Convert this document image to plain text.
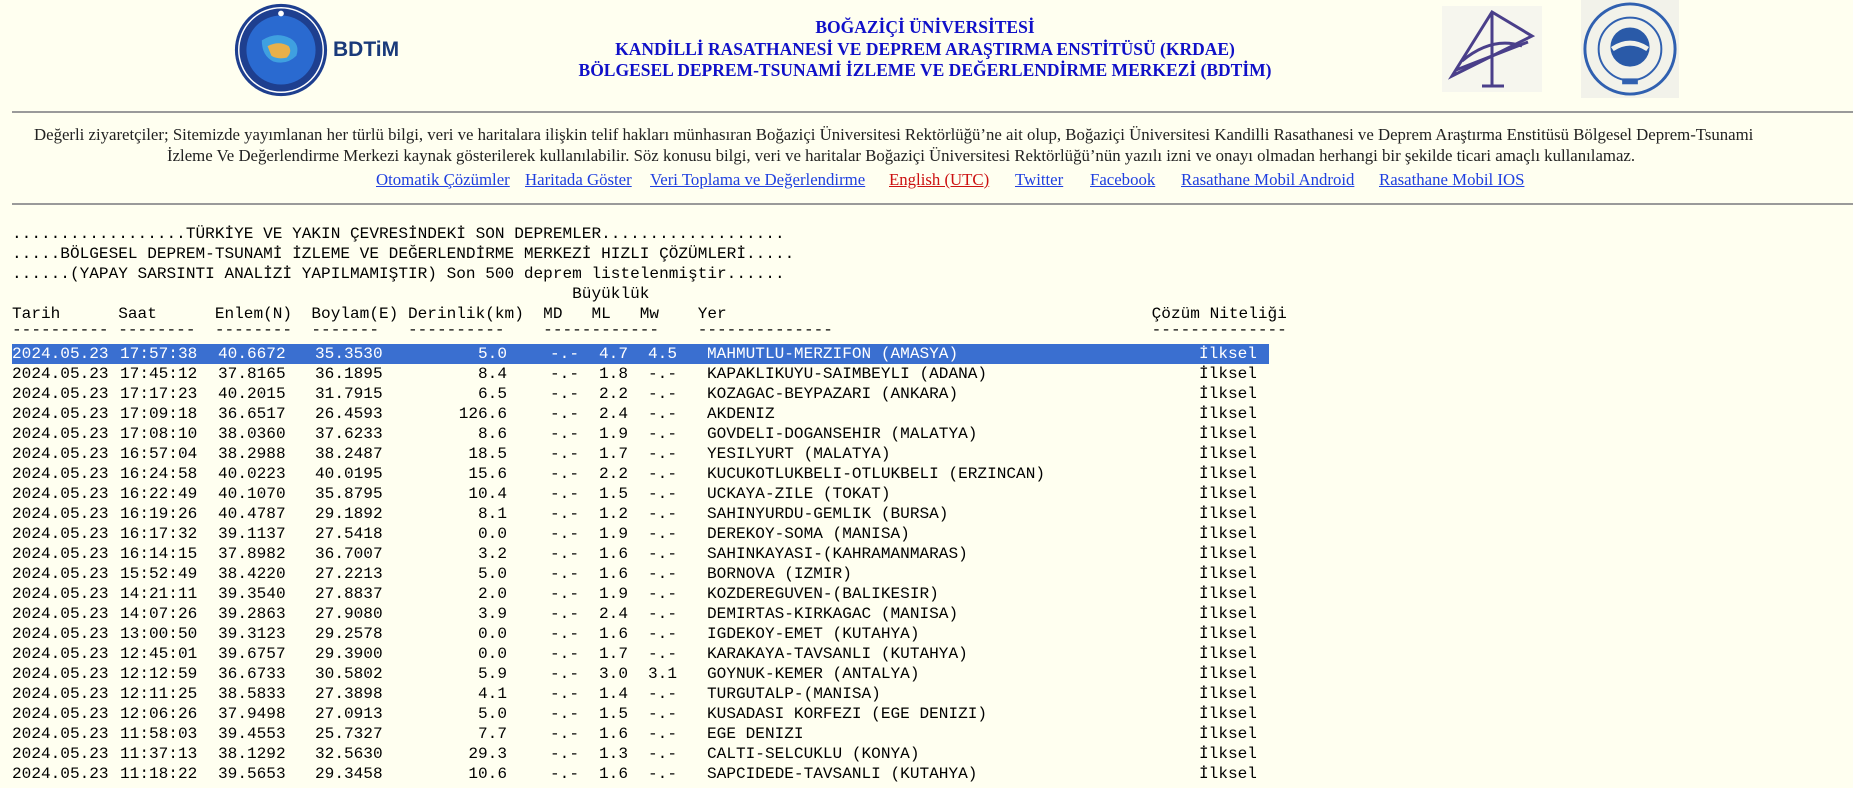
BDTiM
BOĞAZİÇİ ÜNİVERSİTESİ
KANDİLLİ RASATHANESİ VE DEPREM ARAŞTIRMA ENSTİTÜSÜ (KRDAE)
BÖLGESEL DEPREM-TSUNAMİ İZLEME VE DEĞERLENDİRME MERKEZİ (BDTİM)
Değerli ziyaretçiler; Sitemizde yayımlanan her türlü bilgi, veri ve haritalara ilişkin telif hakları münhasıran Boğaziçi Üniversitesi Rektörlüğü’ne ait olup, Boğaziçi Üniversitesi Kandilli Rasathanesi ve Deprem Araştırma Enstitüsü Bölgesel Deprem-Tsunami
İzleme Ve Değerlendirme Merkezi kaynak gösterilerek kullanılabilir. Söz konusu bilgi, veri ve haritalar Boğaziçi Üniversitesi Rektörlüğü’nün yazılı izni ve onayı olmadan herhangi bir şekilde ticari amaçlı kullanılamaz.
Otomatik Çözümler Haritada Göster Veri Toplama ve Değerlendirme English (UTC) Twitter Facebook Rasathane Mobil Android Rasathane Mobil IOS
..................TÜRKİYE VE YAKIN ÇEVRESİNDEKİ SON DEPREMLER...................
.....BÖLGESEL DEPREM-TSUNAMİ İZLEME VE DEĞERLENDİRME MERKEZİ HIZLI ÇÖZÜMLERİ.....
......(YAPAY SARSINTI ANALİZİ YAPILMAMIŞTIR) Son 500 deprem listelenmiştir......
Büyüklük
Tarih      Saat      Enlem(N)  Boylam(E) Derinlik(km)  MD   ML   Mw    Yer                                            Çözüm Niteliği
---------- --------  --------  -------   ----------    ------------    --------------                                 --------------
2024.05.23 17:57:38 40.6672 35.3530	5.0	-.- 4.7 4.5 MAHMUTLU-MERZIFON (AMASYA)	İlksel
2024.05.23 17:45:12 37.8165 36.1895	8.4	-.- 1.8 -.- KAPAKLIKUYU-SAIMBEYLI (ADANA)	İlksel
2024.05.23 17:17:23 40.2015 31.7915	6.5	-.- 2.2 -.- KOZAGAC-BEYPAZARI (ANKARA)	İlksel
2024.05.23 17:09:18 36.6517 26.4593	126.6	-.- 2.4 -.- AKDENIZ	İlksel
2024.05.23 17:08:10 38.0360 37.6233	8.6	-.- 1.9 -.- GOVDELI-DOGANSEHIR (MALATYA)	İlksel
2024.05.23 16:57:04 38.2988 38.2487	18.5	-.- 1.7 -.- YESILYURT (MALATYA)	İlksel
2024.05.23 16:24:58 40.0223 40.0195	15.6	-.- 2.2 -.- KUCUKOTLUKBELI-OTLUKBELI (ERZINCAN)	İlksel
2024.05.23 16:22:49 40.1070 35.8795	10.4	-.- 1.5 -.- UCKAYA-ZILE (TOKAT)	İlksel
2024.05.23 16:19:26 40.4787 29.1892	8.1	-.- 1.2 -.- SAHINYURDU-GEMLIK (BURSA)	İlksel
2024.05.23 16:17:32 39.1137 27.5418	0.0	-.- 1.9 -.- DEREKOY-SOMA (MANISA)	İlksel
2024.05.23 16:14:15 37.8982 36.7007	3.2	-.- 1.6 -.- SAHINKAYASI-(KAHRAMANMARAS)	İlksel
2024.05.23 15:52:49 38.4220 27.2213	5.0	-.- 1.6 -.- BORNOVA (IZMIR)	İlksel
2024.05.23 14:21:11 39.3540 27.8837	2.0	-.- 1.9 -.- KOZDEREGUVEN-(BALIKESIR)	İlksel
2024.05.23 14:07:26 39.2863 27.9080	3.9	-.- 2.4 -.- DEMIRTAS-KIRKAGAC (MANISA)	İlksel
2024.05.23 13:00:50 39.3123 29.2578	0.0	-.- 1.6 -.- IGDEKOY-EMET (KUTAHYA)	İlksel
2024.05.23 12:45:01 39.6757 29.3900	0.0	-.- 1.7 -.- KARAKAYA-TAVSANLI (KUTAHYA)	İlksel
2024.05.23 12:12:59 36.6733 30.5802	5.9	-.- 3.0 3.1 GOYNUK-KEMER (ANTALYA)	İlksel
2024.05.23 12:11:25 38.5833 27.3898	4.1	-.- 1.4 -.- TURGUTALP-(MANISA)	İlksel
2024.05.23 12:06:26 37.9498 27.0913	5.0	-.- 1.5 -.- KUSADASI KORFEZI (EGE DENIZI)	İlksel
2024.05.23 11:58:03 39.4553 25.7327	7.7	-.- 1.6 -.- EGE DENIZI	İlksel
2024.05.23 11:37:13 38.1292 32.5630	29.3	-.- 1.3 -.- CALTI-SELCUKLU (KONYA)	İlksel
2024.05.23 11:18:22 39.5653 29.3458	10.6	-.- 1.6 -.- SAPCIDEDE-TAVSANLI (KUTAHYA)	İlksel
